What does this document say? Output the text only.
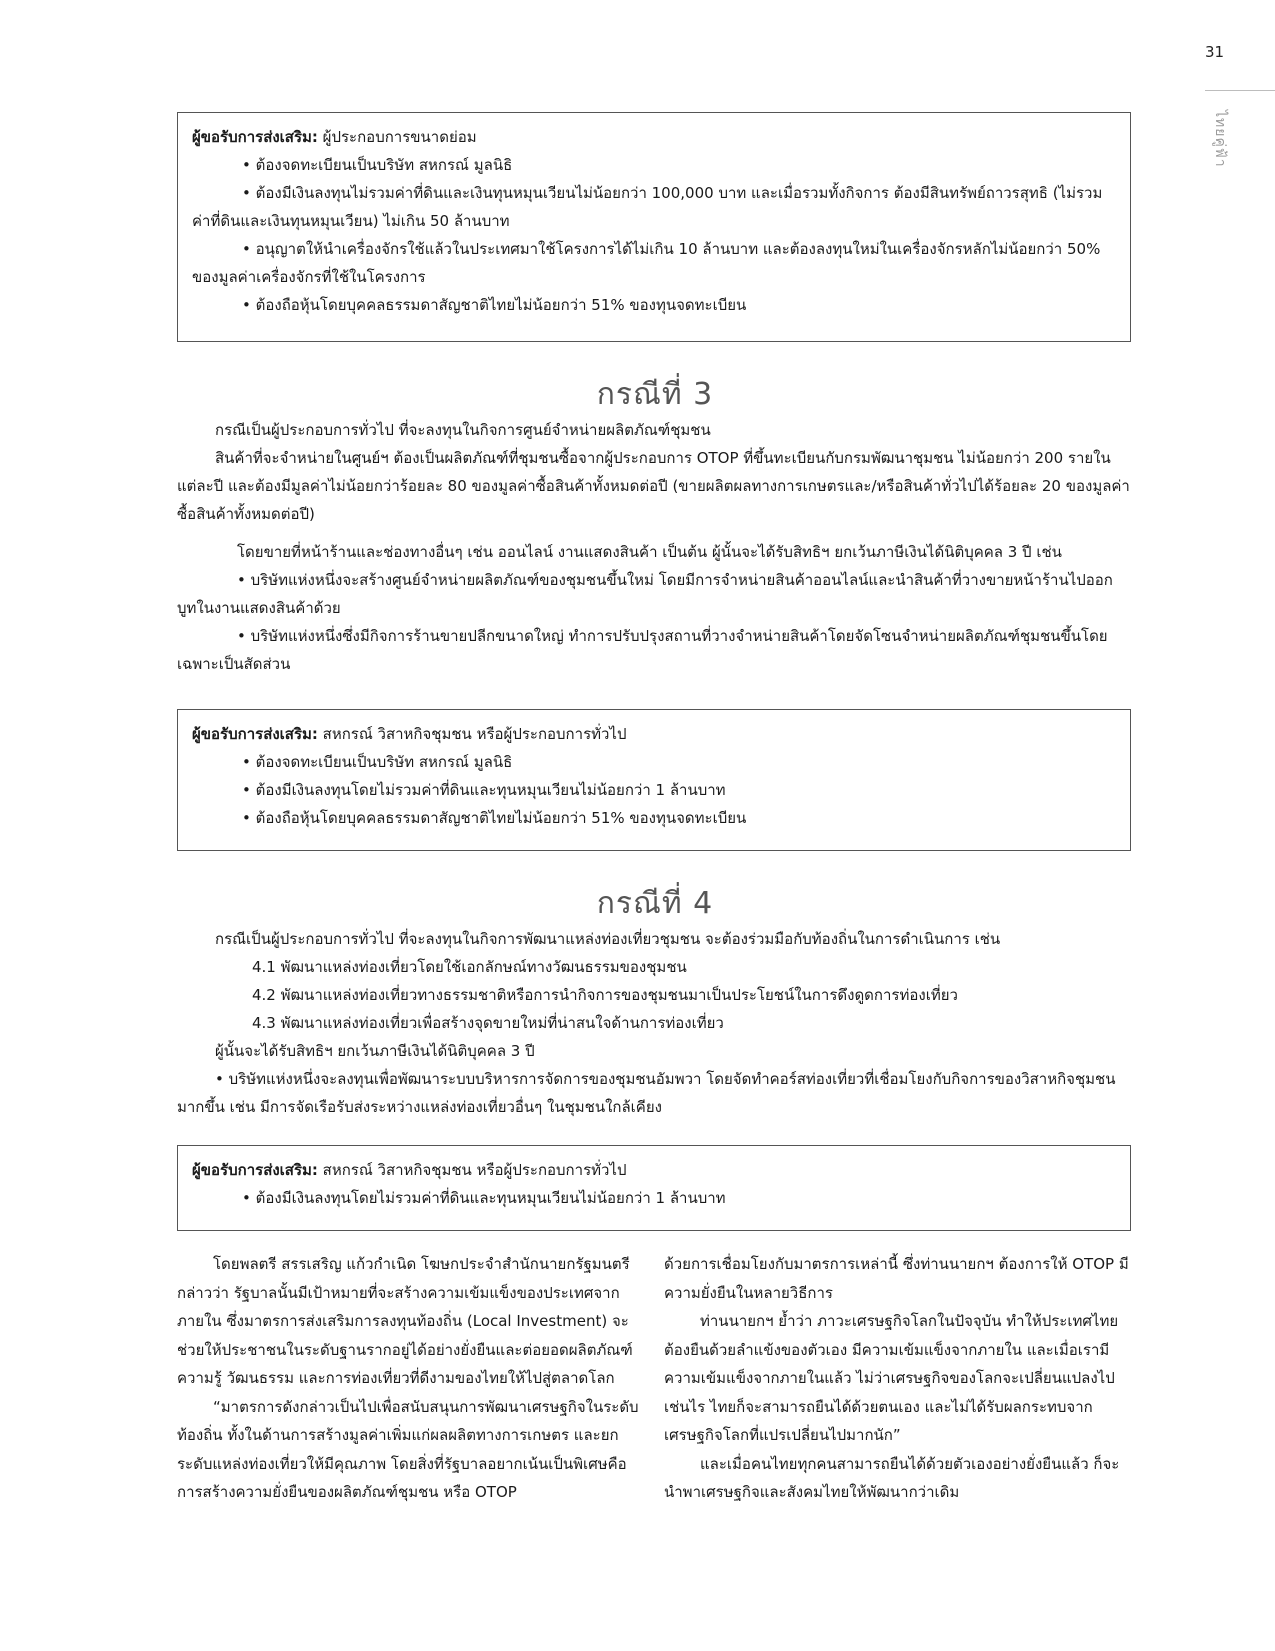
31
ไทยคู่ฟ้า

ผู้ขอรับการส่งเสริม: ผู้ประกอบการขนาดย่อม

• ต้องจดทะเบียนเป็นบริษัท สหกรณ์ มูลนิธิ

• ต้องมีเงินลงทุนไม่รวมค่าที่ดินและเงินทุนหมุนเวียนไม่น้อยกว่า 100,000 บาท และเมื่อรวมทั้งกิจการ ต้องมีสินทรัพย์ถาวรสุทธิ (ไม่รวมค่าที่ดินและเงินทุนหมุนเวียน) ไม่เกิน 50 ล้านบาท

• อนุญาตให้นำเครื่องจักรใช้แล้วในประเทศมาใช้โครงการได้ไม่เกิน 10 ล้านบาท และต้องลงทุนใหม่ในเครื่องจักรหลักไม่น้อยกว่า 50% ของมูลค่าเครื่องจักรที่ใช้ในโครงการ

• ต้องถือหุ้นโดยบุคคลธรรมดาสัญชาติไทยไม่น้อยกว่า 51% ของทุนจดทะเบียน

กรณีที่ 3

กรณีเป็นผู้ประกอบการทั่วไป ที่จะลงทุนในกิจการศูนย์จำหน่ายผลิตภัณฑ์ชุมชน

สินค้าที่จะจำหน่ายในศูนย์ฯ ต้องเป็นผลิตภัณฑ์ที่ชุมชนซื้อจากผู้ประกอบการ OTOP ที่ขึ้นทะเบียนกับกรมพัฒนาชุมชน ไม่น้อยกว่า 200 รายในแต่ละปี และต้องมีมูลค่าไม่น้อยกว่าร้อยละ 80 ของมูลค่าซื้อสินค้าทั้งหมดต่อปี (ขายผลิตผลทางการเกษตรและ/หรือสินค้าทั่วไปได้ร้อยละ 20 ของมูลค่าซื้อสินค้าทั้งหมดต่อปี)

โดยขายที่หน้าร้านและช่องทางอื่นๆ เช่น ออนไลน์ งานแสดงสินค้า เป็นต้น ผู้นั้นจะได้รับสิทธิฯ ยกเว้นภาษีเงินได้นิติบุคคล 3 ปี เช่น

• บริษัทแห่งหนึ่งจะสร้างศูนย์จำหน่ายผลิตภัณฑ์ของชุมชนขึ้นใหม่ โดยมีการจำหน่ายสินค้าออนไลน์และนำสินค้าที่วางขายหน้าร้านไปออกบูทในงานแสดงสินค้าด้วย

• บริษัทแห่งหนึ่งซึ่งมีกิจการร้านขายปลีกขนาดใหญ่ ทำการปรับปรุงสถานที่วางจำหน่ายสินค้าโดยจัดโซนจำหน่ายผลิตภัณฑ์ชุมชนขึ้นโดยเฉพาะเป็นสัดส่วน

ผู้ขอรับการส่งเสริม: สหกรณ์ วิสาหกิจชุมชน หรือผู้ประกอบการทั่วไป

• ต้องจดทะเบียนเป็นบริษัท สหกรณ์ มูลนิธิ

• ต้องมีเงินลงทุนโดยไม่รวมค่าที่ดินและทุนหมุนเวียนไม่น้อยกว่า 1 ล้านบาท

• ต้องถือหุ้นโดยบุคคลธรรมดาสัญชาติไทยไม่น้อยกว่า 51% ของทุนจดทะเบียน

กรณีที่ 4

กรณีเป็นผู้ประกอบการทั่วไป ที่จะลงทุนในกิจการพัฒนาแหล่งท่องเที่ยวชุมชน จะต้องร่วมมือกับท้องถิ่นในการดำเนินการ เช่น

4.1 พัฒนาแหล่งท่องเที่ยวโดยใช้เอกลักษณ์ทางวัฒนธรรมของชุมชน

4.2 พัฒนาแหล่งท่องเที่ยวทางธรรมชาติหรือการนำกิจการของชุมชนมาเป็นประโยชน์ในการดึงดูดการท่องเที่ยว

4.3 พัฒนาแหล่งท่องเที่ยวเพื่อสร้างจุดขายใหม่ที่น่าสนใจด้านการท่องเที่ยว

ผู้นั้นจะได้รับสิทธิฯ ยกเว้นภาษีเงินได้นิติบุคคล 3 ปี

• บริษัทแห่งหนึ่งจะลงทุนเพื่อพัฒนาระบบบริหารการจัดการของชุมชนอัมพวา โดยจัดทำคอร์สท่องเที่ยวที่เชื่อมโยงกับกิจการของวิสาหกิจชุมชนมากขึ้น เช่น มีการจัดเรือรับส่งระหว่างแหล่งท่องเที่ยวอื่นๆ ในชุมชนใกล้เคียง

ผู้ขอรับการส่งเสริม: สหกรณ์ วิสาหกิจชุมชน หรือผู้ประกอบการทั่วไป

• ต้องมีเงินลงทุนโดยไม่รวมค่าที่ดินและทุนหมุนเวียนไม่น้อยกว่า 1 ล้านบาท

โดยพลตรี สรรเสริญ แก้วกำเนิด โฆษกประจำสำนักนายกรัฐมนตรี กล่าวว่า รัฐบาลนั้นมีเป้าหมายที่จะสร้างความเข้มแข็งของประเทศจากภายใน ซึ่งมาตรการส่งเสริมการลงทุนท้องถิ่น (Local Investment) จะช่วยให้ประชาชนในระดับฐานรากอยู่ได้อย่างยั่งยืนและต่อยอดผลิตภัณฑ์ความรู้ วัฒนธรรม และการท่องเที่ยวที่ดีงามของไทยให้ไปสู่ตลาดโลก

“มาตรการดังกล่าวเป็นไปเพื่อสนับสนุนการพัฒนาเศรษฐกิจในระดับท้องถิ่น ทั้งในด้านการสร้างมูลค่าเพิ่มแก่ผลผลิตทางการเกษตร และยกระดับแหล่งท่องเที่ยวให้มีคุณภาพ โดยสิ่งที่รัฐบาลอยากเน้นเป็นพิเศษคือ การสร้างความยั่งยืนของผลิตภัณฑ์ชุมชน หรือ OTOP

ด้วยการเชื่อมโยงกับมาตรการเหล่านี้ ซึ่งท่านนายกฯ ต้องการให้ OTOP มีความยั่งยืนในหลายวิธีการ

ท่านนายกฯ ย้ำว่า ภาวะเศรษฐกิจโลกในปัจจุบัน ทำให้ประเทศไทยต้องยืนด้วยลำแข้งของตัวเอง มีความเข้มแข็งจากภายใน และเมื่อเรามีความเข้มแข็งจากภายในแล้ว ไม่ว่าเศรษฐกิจของโลกจะเปลี่ยนแปลงไปเช่นไร ไทยก็จะสามารถยืนได้ด้วยตนเอง และไม่ได้รับผลกระทบจากเศรษฐกิจโลกที่แปรเปลี่ยนไปมากนัก”

และเมื่อคนไทยทุกคนสามารถยืนได้ด้วยตัวเองอย่างยั่งยืนแล้ว ก็จะนำพาเศรษฐกิจและสังคมไทยให้พัฒนากว่าเดิม
